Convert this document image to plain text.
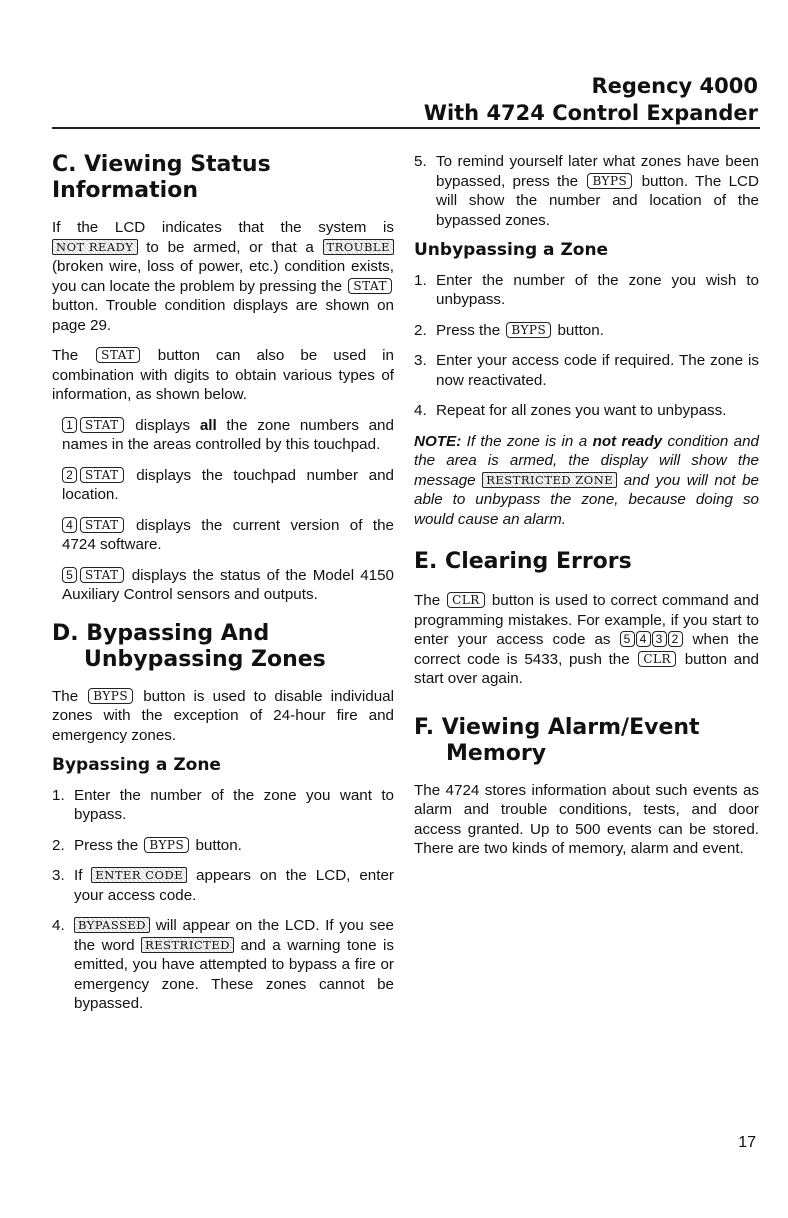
Regency 4000
With 4724 Control Expander
C. Viewing Status Information

If the LCD indicates that the system is NOT READY to be armed, or that a TROUBLE (broken wire, loss of power, etc.) condition exists, you can locate the problem by pressing the STAT button. Trouble condition displays are shown on page 29.

The STAT button can also be used in combination with digits to obtain various types of information, as shown below.

1 STAT displays all the zone numbers and names in the areas controlled by this touchpad.

2 STAT displays the touchpad number and location.

4 STAT displays the current version of the 4724 software.

5 STAT displays the status of the Model 4150 Auxiliary Control sensors and outputs.

D. Bypassing And
Unbypassing Zones

The BYPS button is used to disable individual zones with the exception of 24-hour fire and emergency zones.

Bypassing a Zone
1. Enter the number of the zone you want to bypass.
2. Press the BYPS button.
3. If ENTER CODE appears on the LCD, enter your access code.
4. BYPASSED will appear on the LCD. If you see the word RESTRICTED and a warning tone is emitted, you have attempted to bypass a fire or emergency zone. These zones cannot be bypassed.
5. To remind yourself later what zones have been bypassed, press the BYPS button. The LCD will show the number and location of the bypassed zones.
Unbypassing a Zone
1. Enter the number of the zone you wish to unbypass.
2. Press the BYPS button.
3. Enter your access code if required. The zone is now reactivated.
4. Repeat for all zones you want to unbypass.

NOTE: If the zone is in a not ready condition and the area is armed, the display will show the message RESTRICTED ZONE and you will not be able to unbypass the zone, because doing so would cause an alarm.

E. Clearing Errors

The CLR button is used to correct command and programming mistakes. For example, if you start to enter your access code as 5 4 3 2 when the correct code is 5433, push the CLR button and start over again.

F. Viewing Alarm/Event
Memory

The 4724 stores information about such events as alarm and trouble conditions, tests, and door access granted. Up to 500 events can be stored. There are two kinds of memory, alarm and event.

17
